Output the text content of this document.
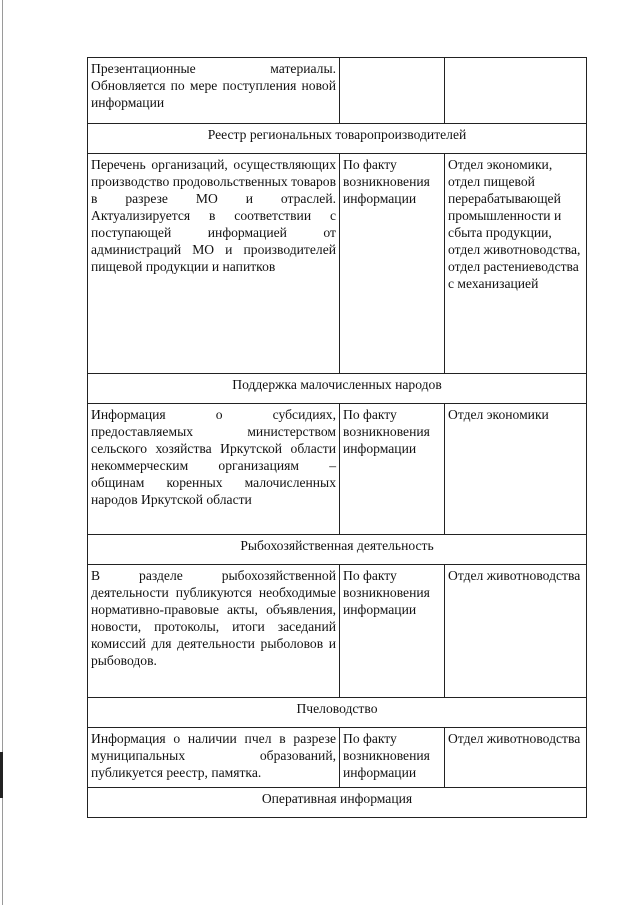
Презентационные материалы. Обновляется по мере поступления новой информации		
Реестр региональных товаропроизводителей		
Перечень организаций, осуществляющих производство продовольственных товаров в разрезе МО и отраслей. Актуализируется в соответствии с поступающей информацией от администраций МО и производителей пищевой продукции и напитков	По факту возникновения информации	Отдел экономики, отдел пищевой перерабатывающей промышленности и сбыта продукции, отдел животноводства, отдел растениеводства с механизацией
Поддержка малочисленных народов		
Информация о субсидиях, предоставляемых министерством сельского хозяйства Иркутской области некоммерческим организациям – общинам коренных малочисленных народов Иркутской области	По факту возникновения информации	Отдел экономики
Рыбохозяйственная деятельность		
В разделе рыбохозяйственной деятельности публикуются необходимые нормативно-правовые акты, объявления, новости, протоколы, итоги заседаний комиссий для деятельности рыболовов и рыбоводов.	По факту возникновения информации	Отдел животноводства
Пчеловодство		
Информация о наличии пчел в разрезе муниципальных образований, публикуется реестр, памятка.	По факту возникновения информации	Отдел животноводства
Оперативная информация		
